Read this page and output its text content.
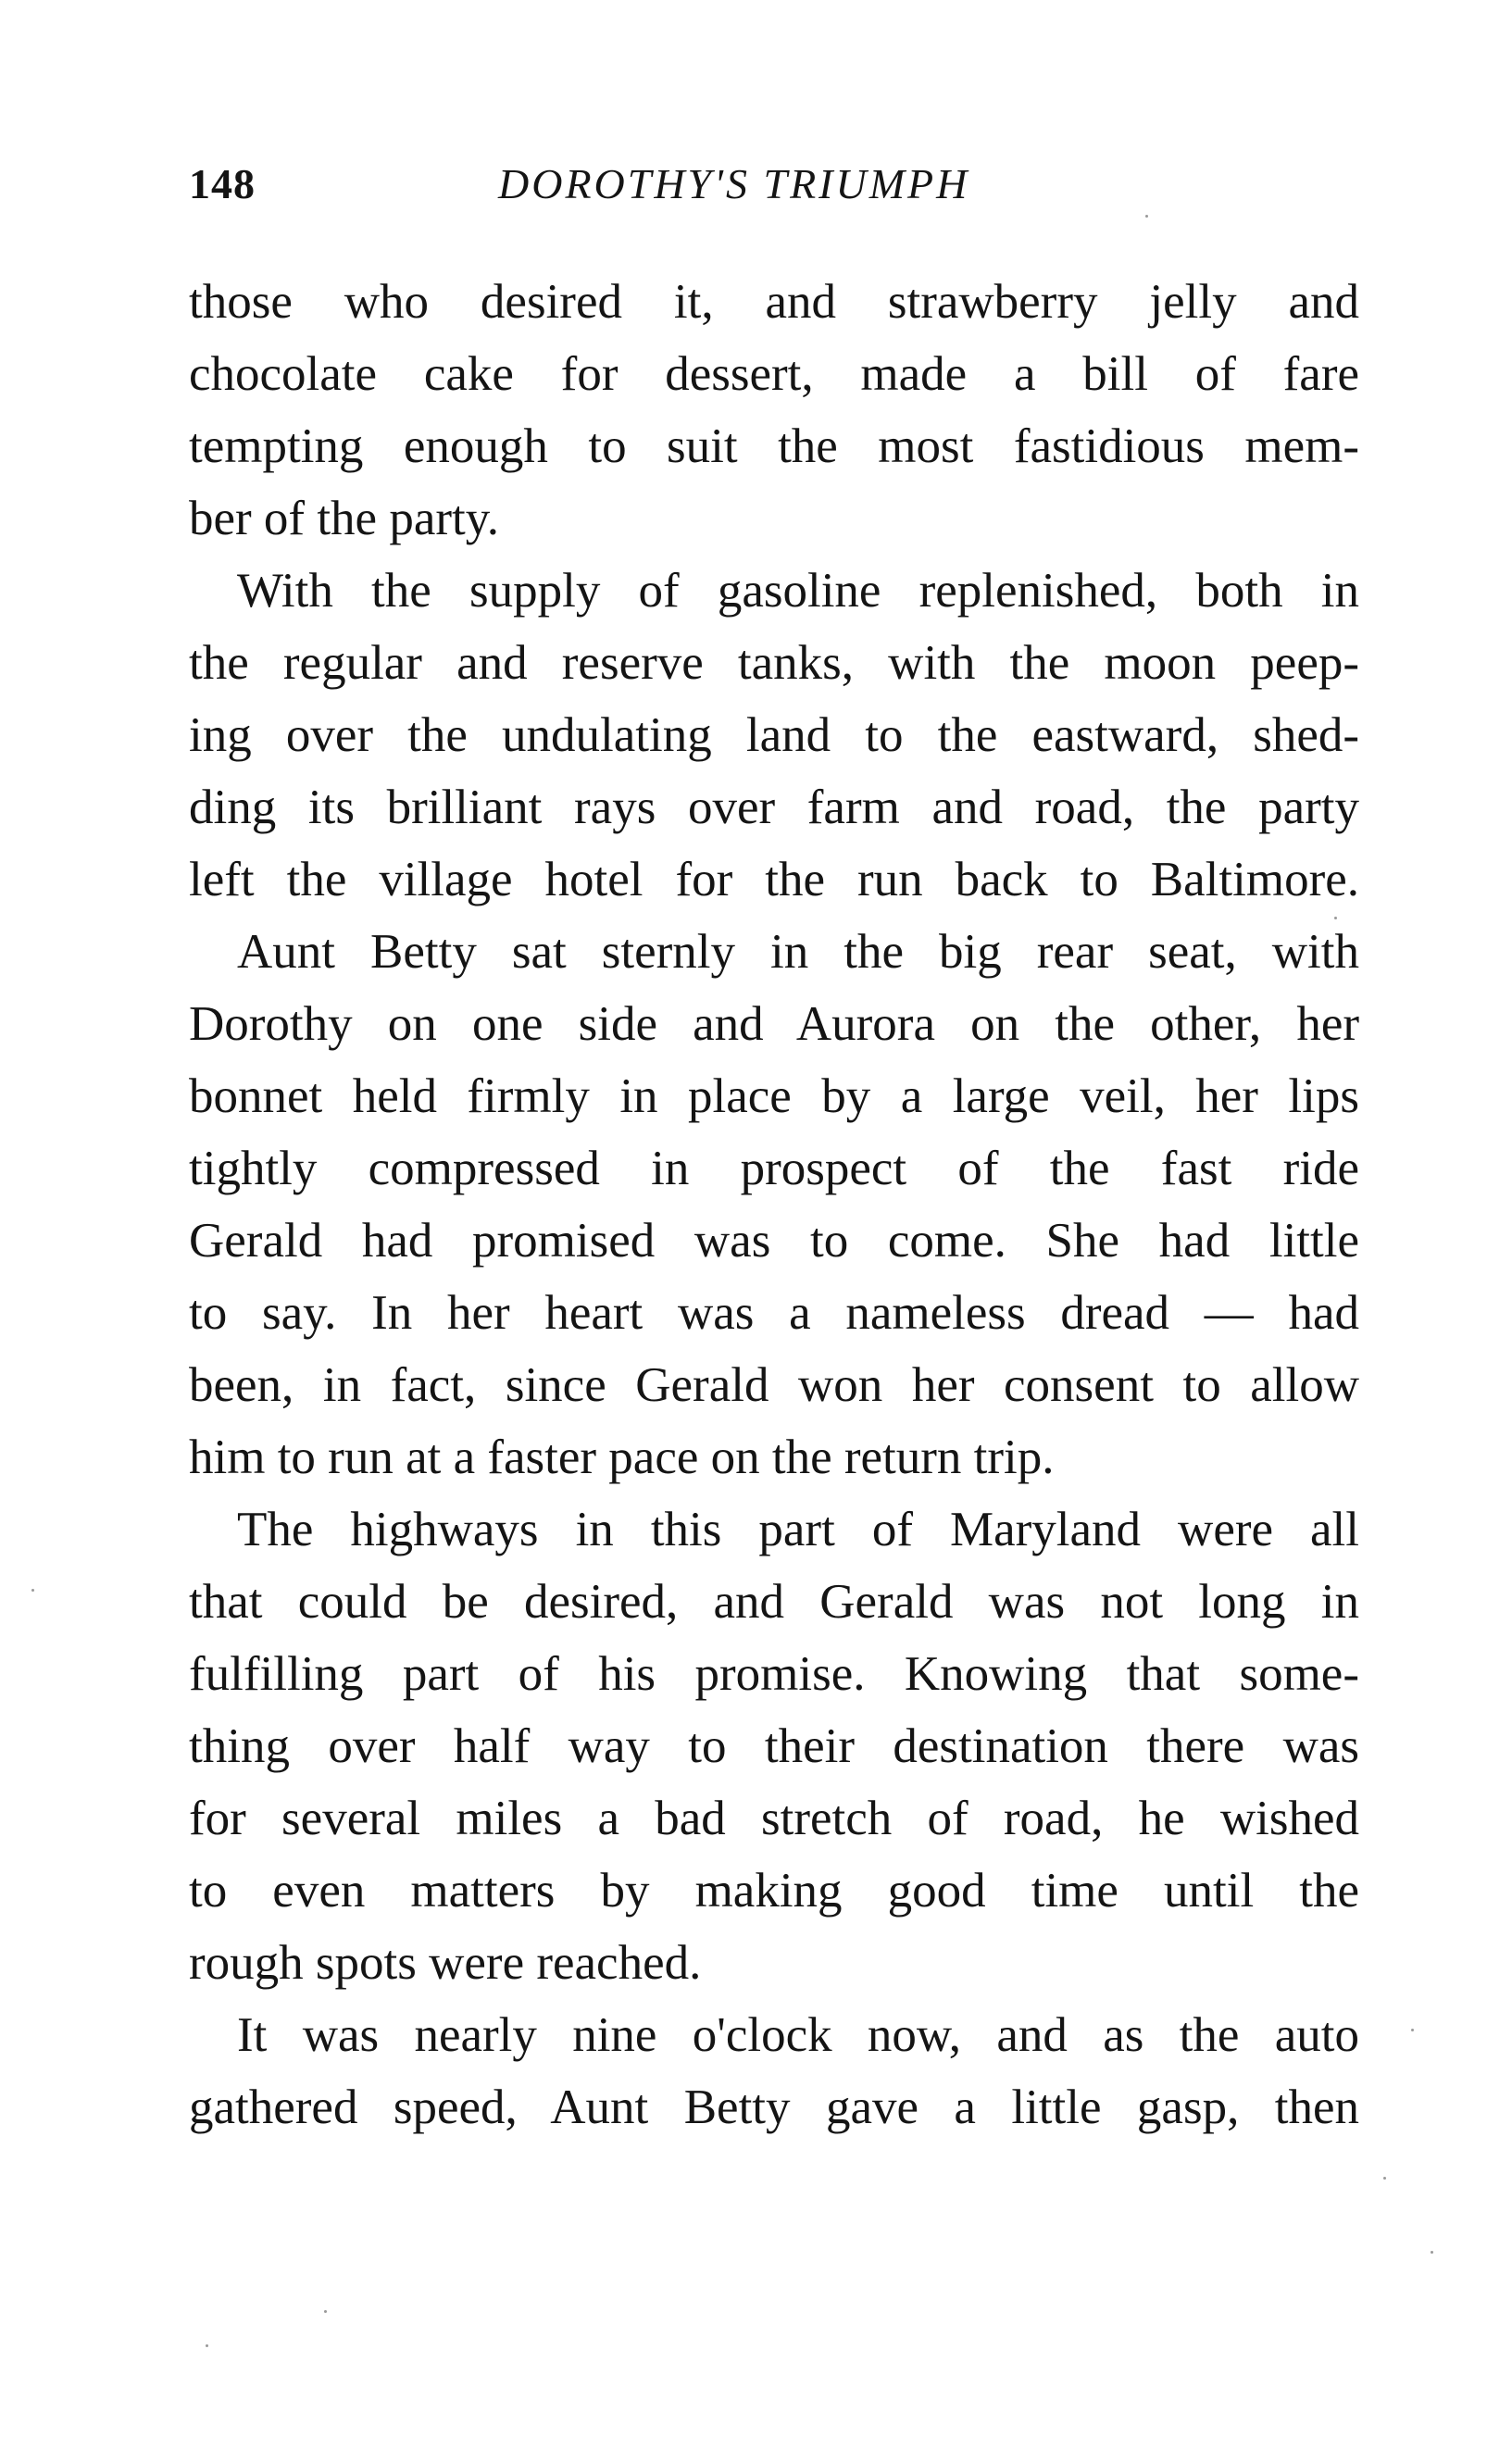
148	DOROTHY'S TRIUMPH
those who desired it, and strawberry jelly and
chocolate cake for dessert, made a bill of fare
tempting enough to suit the most fastidious mem-
ber of the party.
With the supply of gasoline replenished, both in
the regular and reserve tanks, with the moon peep-
ing over the undulating land to the eastward, shed-
ding its brilliant rays over farm and road, the party
left the village hotel for the run back to Baltimore.
Aunt Betty sat sternly in the big rear seat, with
Dorothy on one side and Aurora on the other, her
bonnet held firmly in place by a large veil, her lips
tightly compressed in prospect of the fast ride
Gerald had promised was to come. She had little
to say. In her heart was a nameless dread — had
been, in fact, since Gerald won her consent to allow
him to run at a faster pace on the return trip.
The highways in this part of Maryland were all
that could be desired, and Gerald was not long in
fulfilling part of his promise. Knowing that some-
thing over half way to their destination there was
for several miles a bad stretch of road, he wished
to even matters by making good time until the
rough spots were reached.
It was nearly nine o'clock now, and as the auto
gathered speed, Aunt Betty gave a little gasp, then
